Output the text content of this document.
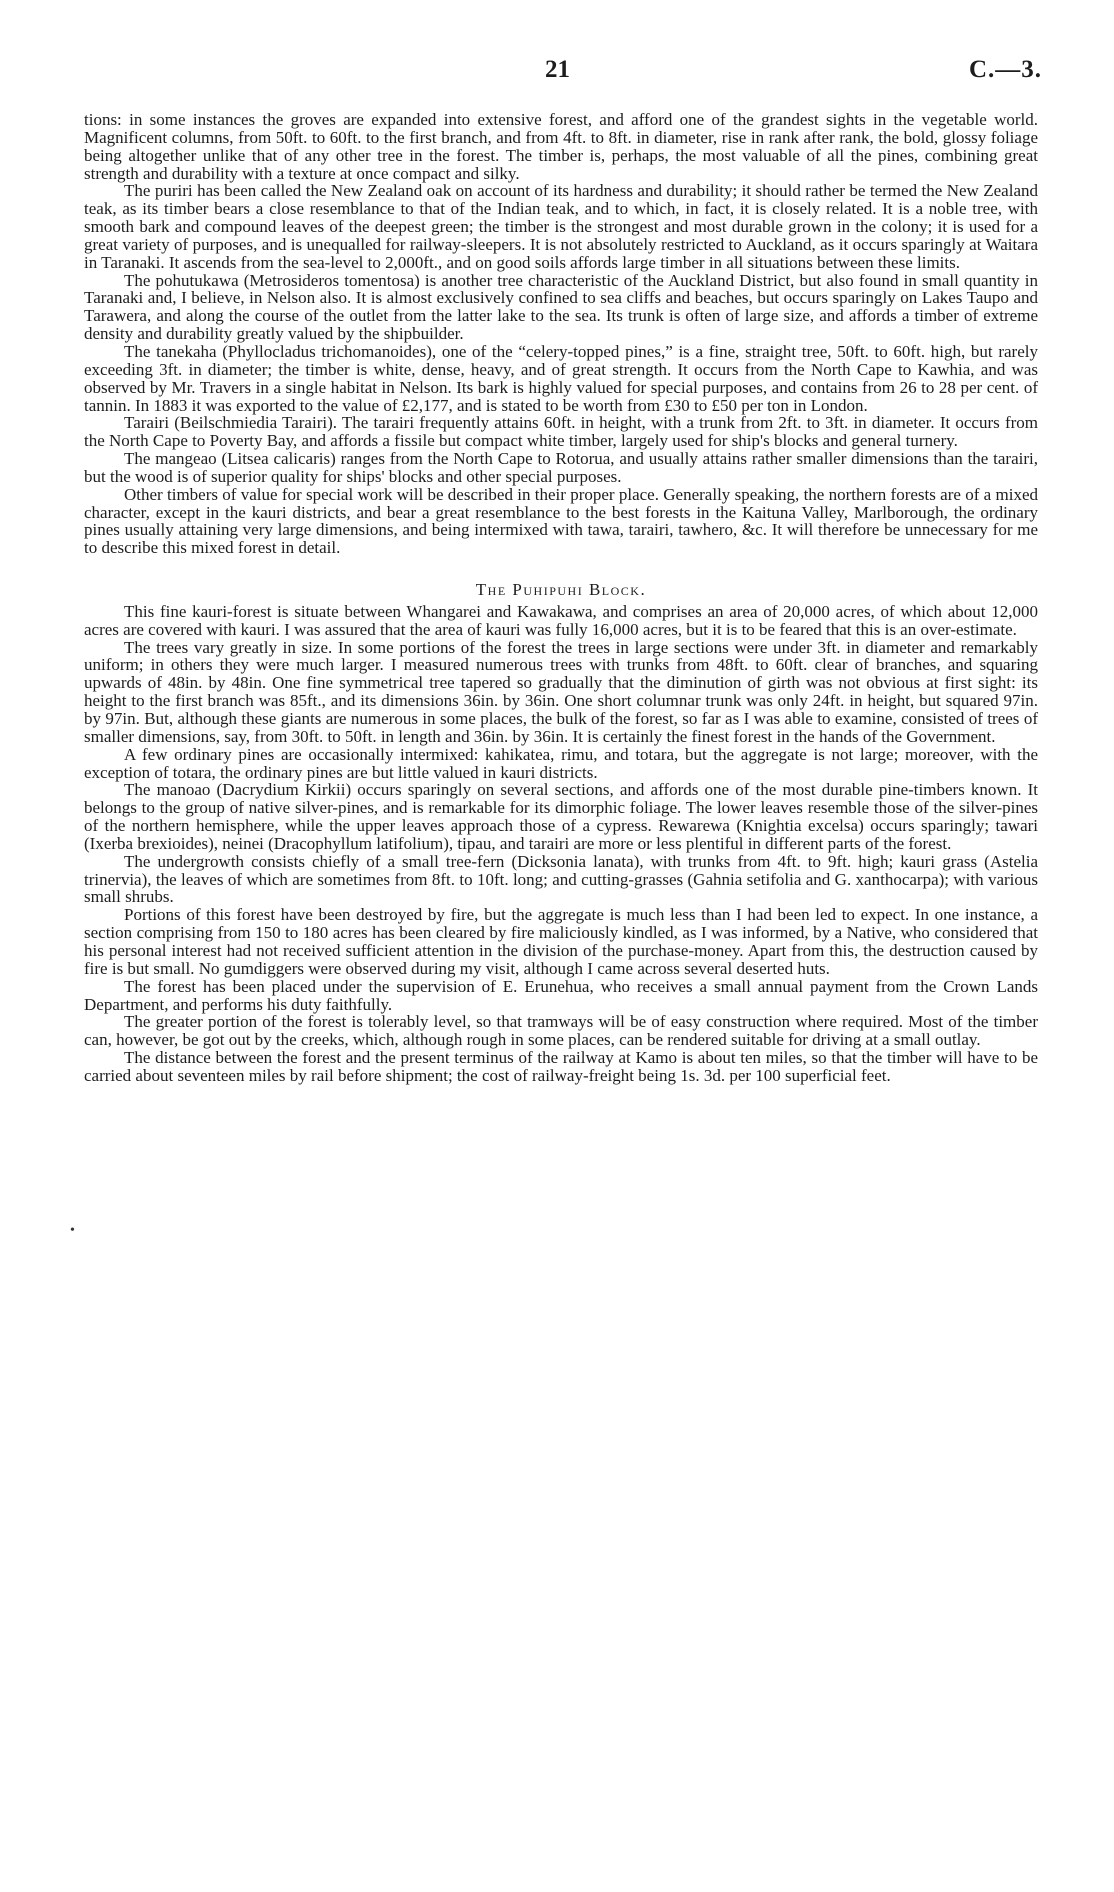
21	C.—3.

tions: in some instances the groves are expanded into extensive forest, and afford one of the grandest sights in the vegetable world. Magnificent columns, from 50ft. to 60ft. to the first branch, and from 4ft. to 8ft. in diameter, rise in rank after rank, the bold, glossy foliage being altogether unlike that of any other tree in the forest. The timber is, perhaps, the most valuable of all the pines, combining great strength and durability with a texture at once compact and silky.

The puriri has been called the New Zealand oak on account of its hardness and durability; it should rather be termed the New Zealand teak, as its timber bears a close resemblance to that of the Indian teak, and to which, in fact, it is closely related. It is a noble tree, with smooth bark and compound leaves of the deepest green; the timber is the strongest and most durable grown in the colony; it is used for a great variety of purposes, and is unequalled for railway-sleepers. It is not absolutely restricted to Auckland, as it occurs sparingly at Waitara in Taranaki. It ascends from the sea-level to 2,000ft., and on good soils affords large timber in all situations between these limits.

The pohutukawa (Metrosideros tomentosa) is another tree characteristic of the Auckland District, but also found in small quantity in Taranaki and, I believe, in Nelson also. It is almost exclusively confined to sea cliffs and beaches, but occurs sparingly on Lakes Taupo and Tarawera, and along the course of the outlet from the latter lake to the sea. Its trunk is often of large size, and affords a timber of extreme density and durability greatly valued by the shipbuilder.

The tanekaha (Phyllocladus trichomanoides), one of the “celery-topped pines,” is a fine, straight tree, 50ft. to 60ft. high, but rarely exceeding 3ft. in diameter; the timber is white, dense, heavy, and of great strength. It occurs from the North Cape to Kawhia, and was observed by Mr. Travers in a single habitat in Nelson. Its bark is highly valued for special purposes, and contains from 26 to 28 per cent. of tannin. In 1883 it was exported to the value of £2,177, and is stated to be worth from £30 to £50 per ton in London.

Tarairi (Beilschmiedia Tarairi). The tarairi frequently attains 60ft. in height, with a trunk from 2ft. to 3ft. in diameter. It occurs from the North Cape to Poverty Bay, and affords a fissile but compact white timber, largely used for ship's blocks and general turnery.

The mangeao (Litsea calicaris) ranges from the North Cape to Rotorua, and usually attains rather smaller dimensions than the tarairi, but the wood is of superior quality for ships' blocks and other special purposes.

Other timbers of value for special work will be described in their proper place. Generally speaking, the northern forests are of a mixed character, except in the kauri districts, and bear a great resemblance to the best forests in the Kaituna Valley, Marlborough, the ordinary pines usually attaining very large dimensions, and being intermixed with tawa, tarairi, tawhero, &c. It will therefore be unnecessary for me to describe this mixed forest in detail.

The Puhipuhi Block.

This fine kauri-forest is situate between Whangarei and Kawakawa, and comprises an area of 20,000 acres, of which about 12,000 acres are covered with kauri. I was assured that the area of kauri was fully 16,000 acres, but it is to be feared that this is an over-estimate.

The trees vary greatly in size. In some portions of the forest the trees in large sections were under 3ft. in diameter and remarkably uniform; in others they were much larger. I measured numerous trees with trunks from 48ft. to 60ft. clear of branches, and squaring upwards of 48in. by 48in. One fine symmetrical tree tapered so gradually that the diminution of girth was not obvious at first sight: its height to the first branch was 85ft., and its dimensions 36in. by 36in. One short columnar trunk was only 24ft. in height, but squared 97in. by 97in. But, although these giants are numerous in some places, the bulk of the forest, so far as I was able to examine, consisted of trees of smaller dimensions, say, from 30ft. to 50ft. in length and 36in. by 36in. It is certainly the finest forest in the hands of the Government.

A few ordinary pines are occasionally intermixed: kahikatea, rimu, and totara, but the aggregate is not large; moreover, with the exception of totara, the ordinary pines are but little valued in kauri districts.

The manoao (Dacrydium Kirkii) occurs sparingly on several sections, and affords one of the most durable pine-timbers known. It belongs to the group of native silver-pines, and is remarkable for its dimorphic foliage. The lower leaves resemble those of the silver-pines of the northern hemisphere, while the upper leaves approach those of a cypress. Rewarewa (Knightia excelsa) occurs sparingly; tawari (Ixerba brexioides), neinei (Dracophyllum latifolium), tipau, and tarairi are more or less plentiful in different parts of the forest.

The undergrowth consists chiefly of a small tree-fern (Dicksonia lanata), with trunks from 4ft. to 9ft. high; kauri grass (Astelia trinervia), the leaves of which are sometimes from 8ft. to 10ft. long; and cutting-grasses (Gahnia setifolia and G. xanthocarpa); with various small shrubs.

Portions of this forest have been destroyed by fire, but the aggregate is much less than I had been led to expect. In one instance, a section comprising from 150 to 180 acres has been cleared by fire maliciously kindled, as I was informed, by a Native, who considered that his personal interest had not received sufficient attention in the division of the purchase-money. Apart from this, the destruction caused by fire is but small. No gumdiggers were observed during my visit, although I came across several deserted huts.

The forest has been placed under the supervision of E. Erunehua, who receives a small annual payment from the Crown Lands Department, and performs his duty faithfully.

The greater portion of the forest is tolerably level, so that tramways will be of easy construction where required. Most of the timber can, however, be got out by the creeks, which, although rough in some places, can be rendered suitable for driving at a small outlay.

The distance between the forest and the present terminus of the railway at Kamo is about ten miles, so that the timber will have to be carried about seventeen miles by rail before shipment; the cost of railway-freight being 1s. 3d. per 100 superficial feet.

•
